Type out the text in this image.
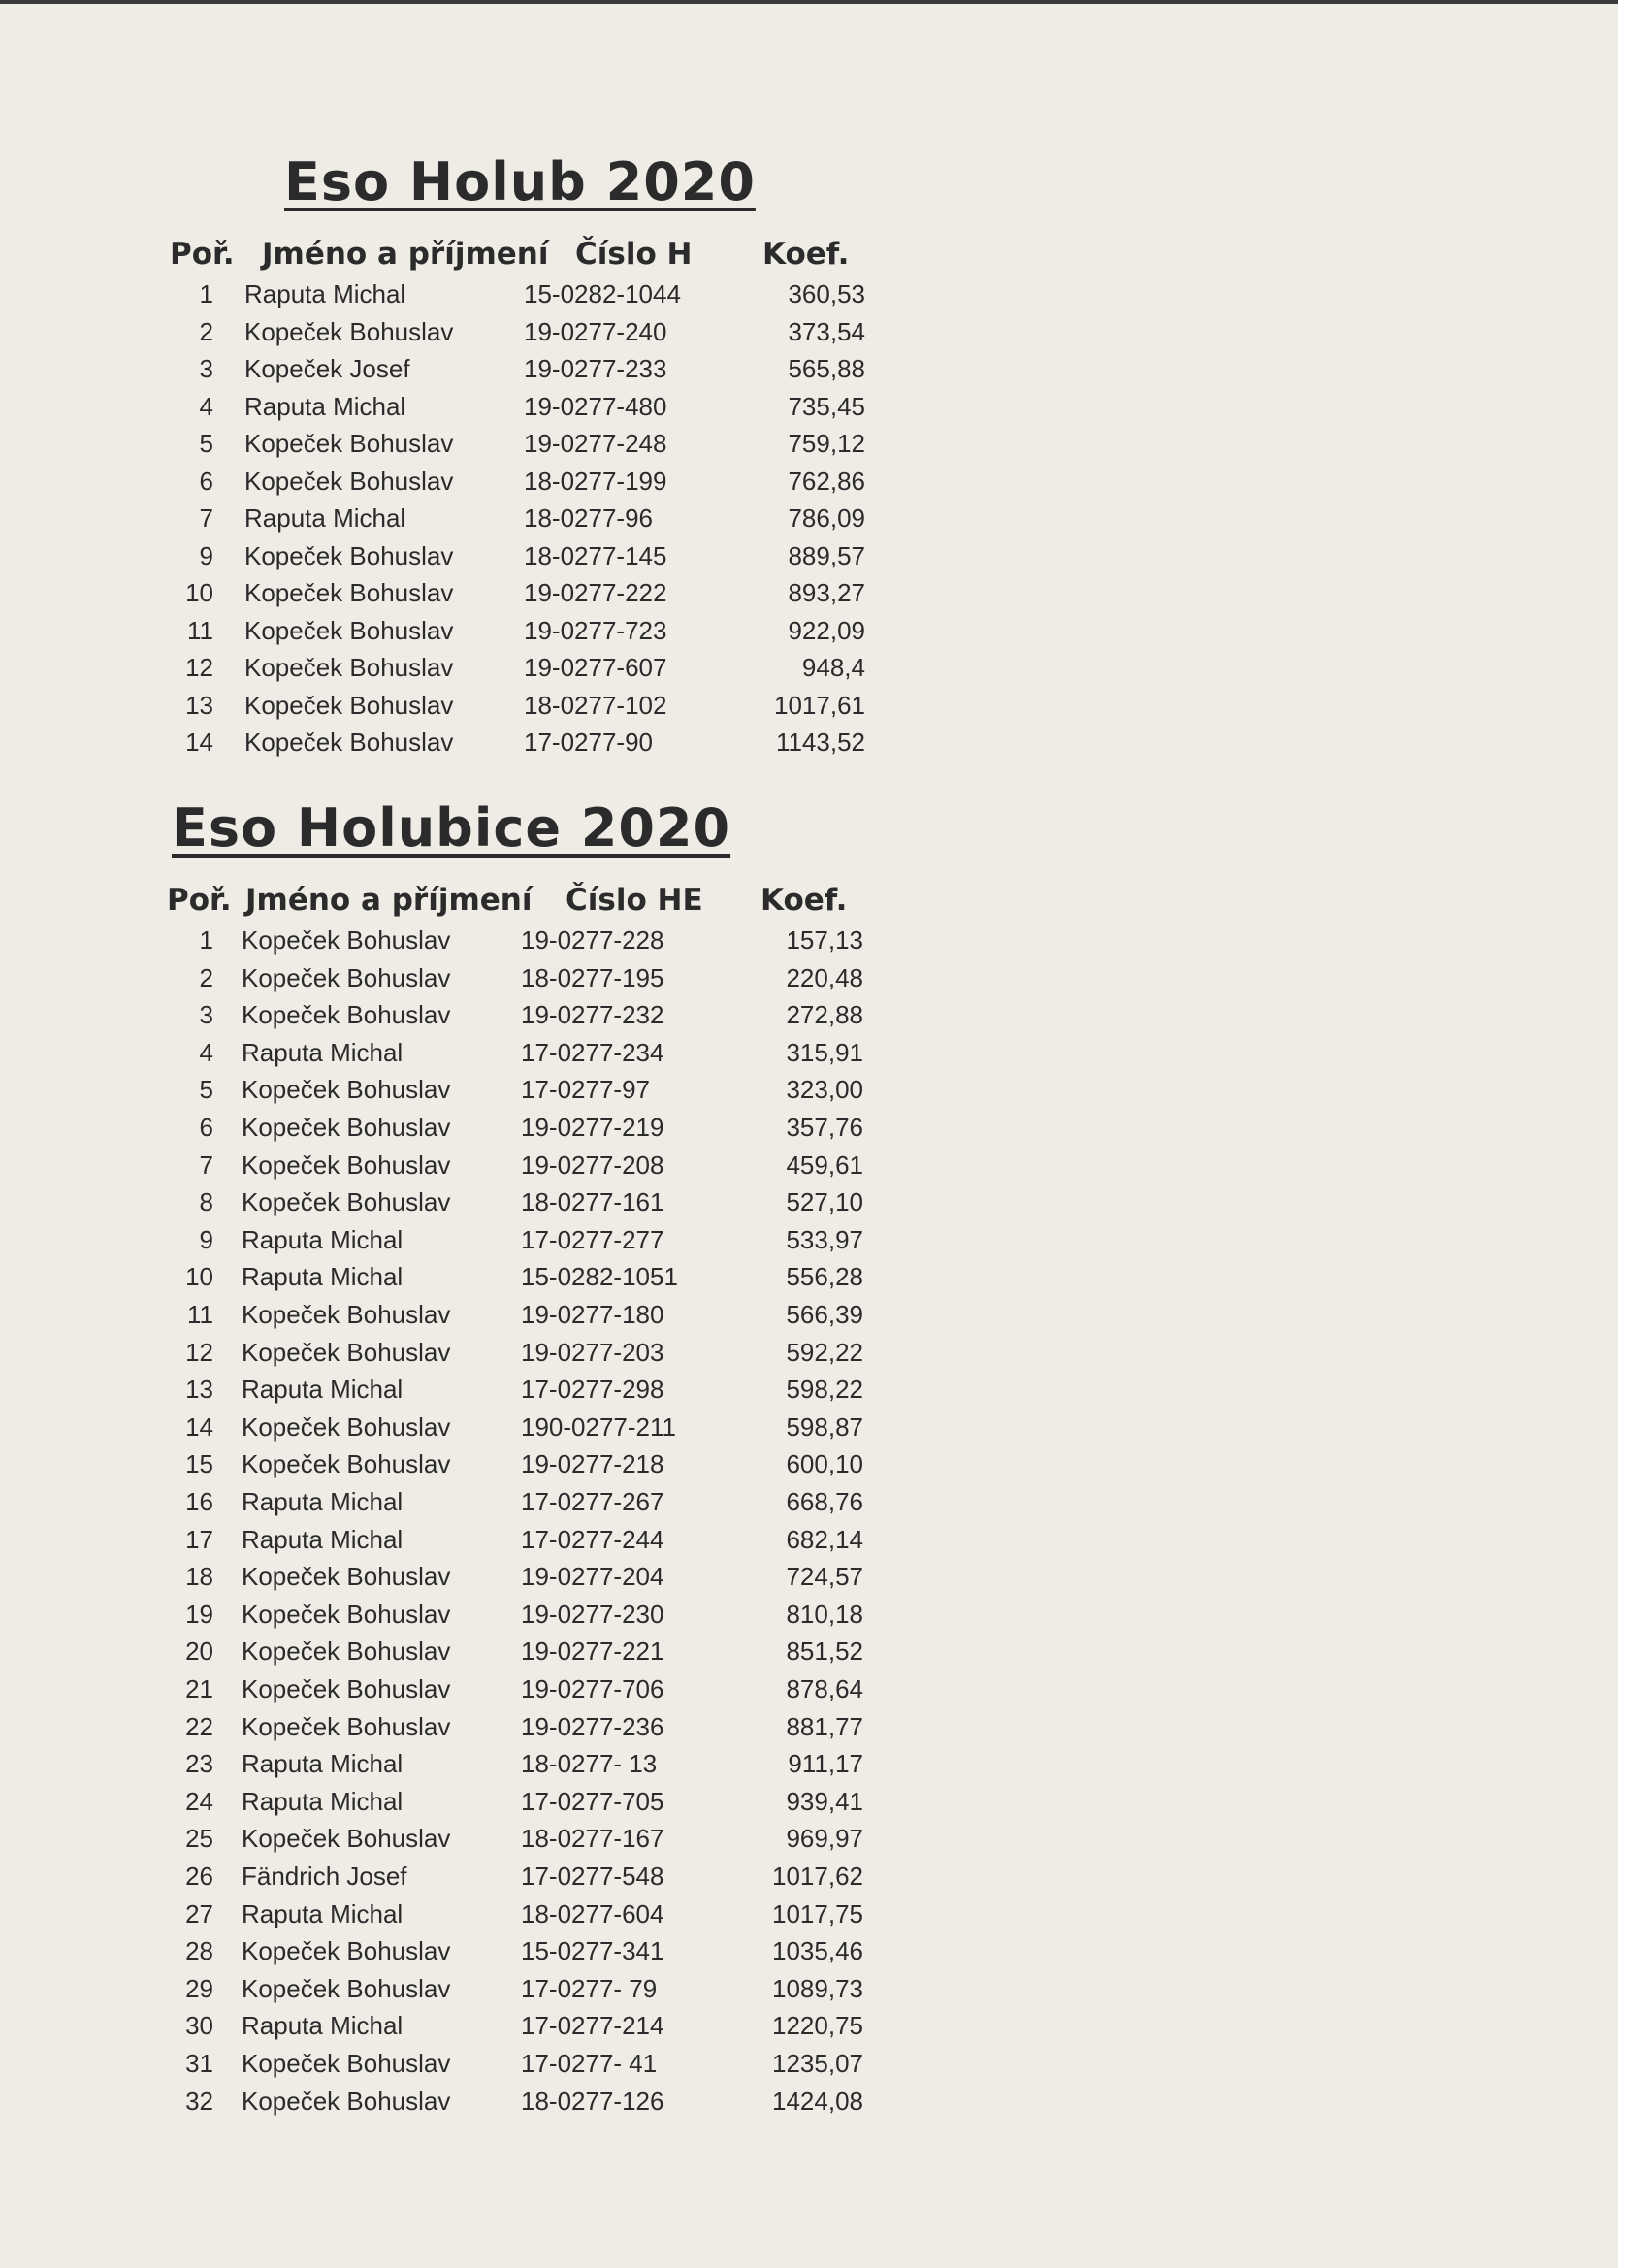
Eso Holub 2020
Poř. Jméno a příjmení Číslo H Koef.
1 Raputa Michal	15-0282-1044	360,53
2 Kopeček Bohuslav	19-0277-240	373,54
3 Kopeček Josef	19-0277-233	565,88
4 Raputa Michal	19-0277-480	735,45
5 Kopeček Bohuslav	19-0277-248	759,12
6 Kopeček Bohuslav	18-0277-199	762,86
7 Raputa Michal	18-0277-96	786,09
9 Kopeček Bohuslav	18-0277-145	889,57
10 Kopeček Bohuslav	19-0277-222	893,27
11 Kopeček Bohuslav	19-0277-723	922,09
12 Kopeček Bohuslav	19-0277-607	948,4
13 Kopeček Bohuslav	18-0277-102	1017,61
14 Kopeček Bohuslav	17-0277-90	1143,52
Eso Holubice 2020
Poř. Jméno a příjmení Číslo HE Koef.
1 Kopeček Bohuslav	19-0277-228	157,13
2 Kopeček Bohuslav	18-0277-195	220,48
3 Kopeček Bohuslav	19-0277-232	272,88
4 Raputa Michal	17-0277-234	315,91
5 Kopeček Bohuslav	17-0277-97	323,00
6 Kopeček Bohuslav	19-0277-219	357,76
7 Kopeček Bohuslav	19-0277-208	459,61
8 Kopeček Bohuslav	18-0277-161	527,10
9 Raputa Michal	17-0277-277	533,97
10 Raputa Michal	15-0282-1051	556,28
11 Kopeček Bohuslav	19-0277-180	566,39
12 Kopeček Bohuslav	19-0277-203	592,22
13 Raputa Michal	17-0277-298	598,22
14 Kopeček Bohuslav	190-0277-211	598,87
15 Kopeček Bohuslav	19-0277-218	600,10
16 Raputa Michal	17-0277-267	668,76
17 Raputa Michal	17-0277-244	682,14
18 Kopeček Bohuslav	19-0277-204	724,57
19 Kopeček Bohuslav	19-0277-230	810,18
20 Kopeček Bohuslav	19-0277-221	851,52
21 Kopeček Bohuslav	19-0277-706	878,64
22 Kopeček Bohuslav	19-0277-236	881,77
23 Raputa Michal	18-0277- 13	911,17
24 Raputa Michal	17-0277-705	939,41
25 Kopeček Bohuslav	18-0277-167	969,97
26 Fändrich Josef	17-0277-548	1017,62
27 Raputa Michal	18-0277-604	1017,75
28 Kopeček Bohuslav	15-0277-341	1035,46
29 Kopeček Bohuslav	17-0277- 79	1089,73
30 Raputa Michal	17-0277-214	1220,75
31 Kopeček Bohuslav	17-0277- 41	1235,07
32 Kopeček Bohuslav	18-0277-126	1424,08
